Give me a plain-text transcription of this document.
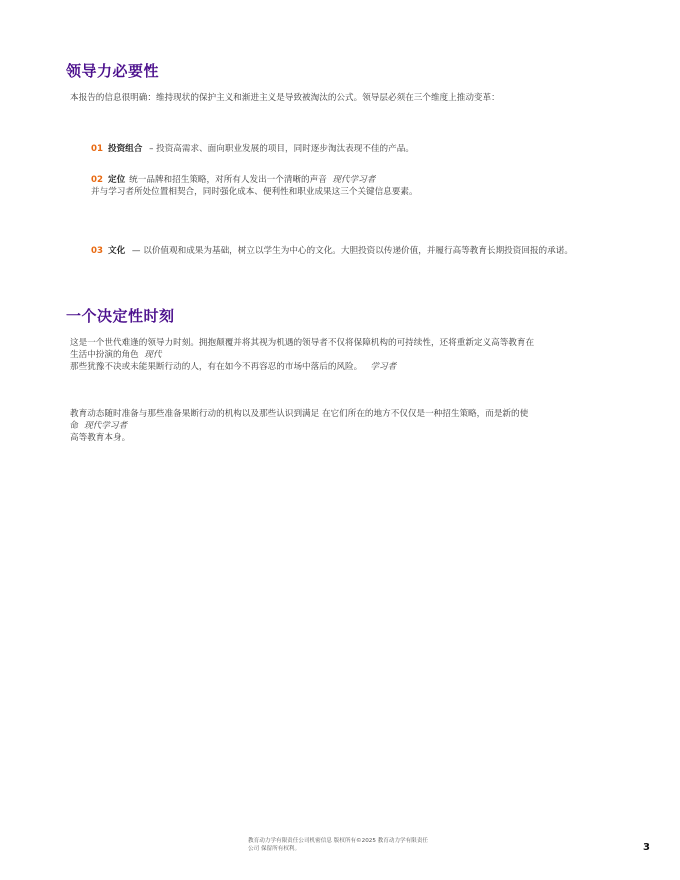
领导力必要性

本报告的信息很明确：维持现状的保护主义和渐进主义是导致被淘汰的公式。领导层必须在三个维度上推动变革：

01 投资组合 – 投资高需求、面向职业发展的项目，同时逐步淘汰表现不佳的产品。

02 定位 统一品牌和招生策略，对所有人发出一个清晰的声音 现代学习者
并与学习者所处位置相契合，同时强化成本、便利性和职业成果这三个关键信息要素。

03 文化 — 以价值观和成果为基础，树立以学生为中心的文化。大胆投资以传递价值，并履行高等教育长期投资回报的承诺。

一个决定性时刻

这是一个世代难逢的领导力时刻。拥抱颠覆并将其视为机遇的领导者不仅将保障机构的可持续性，还将重新定义高等教育在
生活中扮演的角色 现代
那些犹豫不决或未能果断行动的人，有在如今不再容忍的市场中落后的风险。 学习者

教育动态随时准备与那些准备果断行动的机构以及那些认识到满足 在它们所在的地方不仅仅是一种招生策略，而是新的使
命 现代学习者
高等教育本身。

教育动力学有限责任公司机密信息 版权所有©2025 教育动力学有限责任
公司 保留所有权利。	3
